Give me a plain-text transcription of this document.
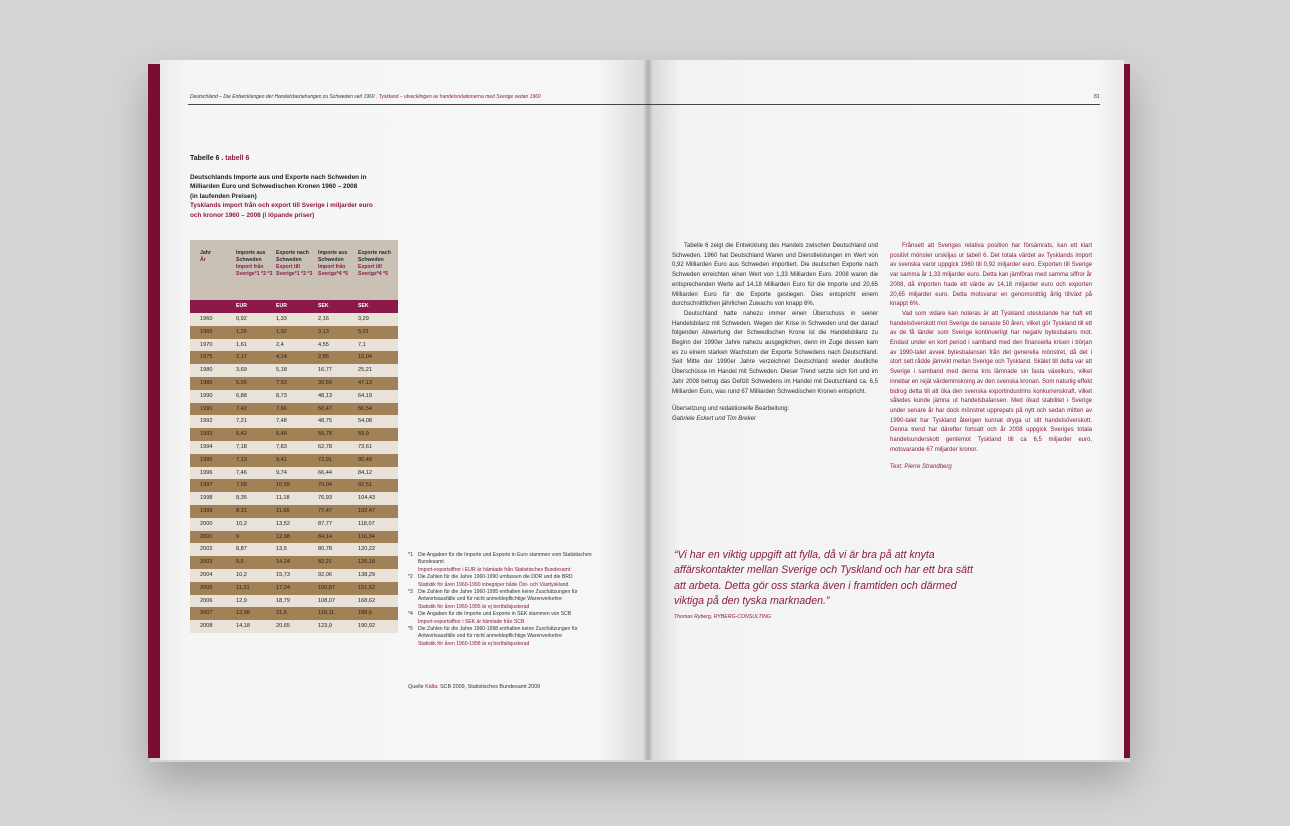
Deutschland – Die Entwicklungen der Handelsbeziehungen zu Schweden seit 1960 . Tyskland – utvecklingen av handelsrelationerna med Sverige sedan 1960
Tabelle 6 . tabell 6
Deutschlands Importe aus und Exporte nach Schweden in
Milliarden Euro und Schwedischen Kronen 1960 – 2008
(in laufenden Preisen)
Tysklands import från och export till Sverige i miljarder euro
och kronor 1960 – 2008 (i löpande priser)
Jahr
År
Importe aus Schweden
Import från Sverige*1 *2 *3
Exporte nach Schweden
Export till Sverige*1 *2 *3
Importe aus Schweden
Import från Sverige*4 *5
Exporte nach Schweden
Export till Sverige*4 *5
EUR	EUR	SEK	SEK
1960	0,92	1,33	2,16	3,29
1965	1,26	1,92	3,13	5,01
1970	1,61	2,4	4,55	7,1
1975	2,17	4,14	2,85	15,04
1980	3,69	5,18	16,77	25,21
1985	5,56	7,53	30,59	47,13
1990	6,88	8,73	48,13	64,19
1991	7,42	7,66	50,47	56,54
1992	7,21	7,48	48,75	54,08
1993	6,42	6,48	55,78	59,9
1994	7,18	7,83	62,78	73,61
1995	7,13	9,41	72,91	90,49
1996	7,46	9,74	66,44	84,12
1997	7,58	10,55	70,04	92,51
1998	8,35	11,18	76,93	104,43
1999	8,31	11,66	77,47	102,47
2000	10,2	13,52	87,77	118,07
2001	9	12,98	84,14	116,34
2002	8,87	13,5	80,78	120,22
2003	9,5	14,24	82,21	126,18
2004	10,2	15,73	92,06	138,29
2005	11,31	17,24	100,87	151,52
2006	12,9	18,79	108,07	168,62
2007	13,98	21,5	119,11	188,6
2008	14,18	20,65	123,9	190,92
*1 Die Angaben für die Importe und Exporte in Euro stammen vom Statistischen Bundesamt
Import-exportsiffror i EUR är hämtade från Statistisches Bundesamt
*2 Die Zahlen für die Jahre 1960-1990 umfassen die DDR und die BRD
Statistik för åren 1960-1990 inbegriper både Öst- och Västtyskland.
*3 Die Zahlen für die Jahre 1960-1995 enthalten keine Zuschätzungen für Antwortsausfälle und für nicht anmeldepflichtige Warenverkehre
Statistik för åren 1960-1995 är ej bortfallsjusterad
*4 Die Angaben für die Importe und Exporte in SEK stammen von SCB
Import-exportsiffror i SEK är hämtade från SCB
*5 Die Zahlen für die Jahre 1960-1998 enthalten keine Zuschätzungen für Antwortsausfälle und für nicht anmeldepflichtige Warenverkehre
Statistik för åren 1960-1998 är ej bortfallsjusterad
Quelle Källa: SCB 2009, Statistisches Bundesamt 2009
81

Tabelle 6 zeigt die Entwicklung des Handels zwischen Deutschland und Schweden. 1960 hat Deutschland Waren und Dienstleistungen im Wert von 0,92 Milliarden Euro aus Schweden importiert. Die deutschen Exporte nach Schweden erreichten einen Wert von 1,33 Milliarden Euro. 2008 waren die entsprechenden Werte auf 14,18 Milliarden Euro für die Importe und 20,65 Milliarden Euro für die Exporte gestiegen. Dies entspricht einem durchschnittlichen jährlichen Zuwachs von knapp 6%.

Deutschland hatte nahezu immer einen Überschuss in seiner Handelsbilanz mit Schweden. Wegen der Krise in Schweden und der darauf folgenden Abwertung der Schwedischen Krone ist die Handelsbilanz zu Beginn der 1990er Jahre nahezu ausgeglichen, denn im Zuge dessen kam es zu einem starken Wachstum der Exporte Schwedens nach Deutschland. Seit Mitte der 1990er Jahre verzeichnet Deutschland wieder deutliche Überschüsse im Handel mit Schweden. Dieser Trend setzte sich fort und im Jahr 2008 betrug das Defizit Schwedens im Handel mit Deutschland ca. 6,5 Milliarden Euro, was rund 67 Milliarden Schwedischen Kronen entspricht.

Übersetzung und redaktionelle Bearbeitung:
Gabriele Eckert und Tim Breker

Frånsett att Sveriges relativa position har försämrats, kan ett klart positivt mönster urskiljas ur tabell 6. Det totala värdet av Tysklands import av svenska varor uppgick 1960 till 0,92 miljarder euro. Exporten till Sverige var samma år 1,33 miljarder euro. Detta kan jämföras med samma siffror år 2008, då importen hade ett värde av 14,18 miljarder euro och exporten 20,65 miljarder euro. Detta motsvarar en genomsnittlig årlig tillväxt på knappt 6%.

Vad som vidare kan noteras är att Tyskland uteslutande har haft ett handelsöverskott mot Sverige de senaste 50 åren, vilket gör Tyskland till ett av de få länder som Sverige kontinuerligt har negativ bytesbalans mot. Endast under en kort period i samband med den finansiella krisen i början av 1990-talet avvek bytesbalansen från det generella mönstret, då det i stort sett rådde jämvikt mellan Sverige och Tyskland. Skälet till detta var att Sverige i samband med denna kris lämnade sin fasta växelkurs, vilket innebar en rejäl värdeminskning av den svenska kronan. Som naturlig effekt bidrog detta till att öka den svenska exportindustrins konkurrenskraft, vilket således kunde jämna ut handelsbalansen. Med ökad stabilitet i Sverige under senare år har dock mönstret upprepats på nytt och sedan mitten av 1990-talet har Tyskland återigen kunnat dryga ut sitt handelsöverskott. Denna trend har därefter fortsatt och år 2008 uppgick Sveriges totala handelsunderskott gentemot Tyskland till ca 6,5 miljarder euro, motsvarande 67 miljarder kronor.

Text: Pierre Strandberg

“Vi har en viktig uppgift att fylla, då vi är bra på att knyta affärskontakter mellan Sverige och Tyskland och har ett bra sätt att arbeta. Detta gör oss starka även i framtiden och därmed viktiga på den tyska marknaden.”
Thomas Ryberg, RYBERG-CONSULTING
